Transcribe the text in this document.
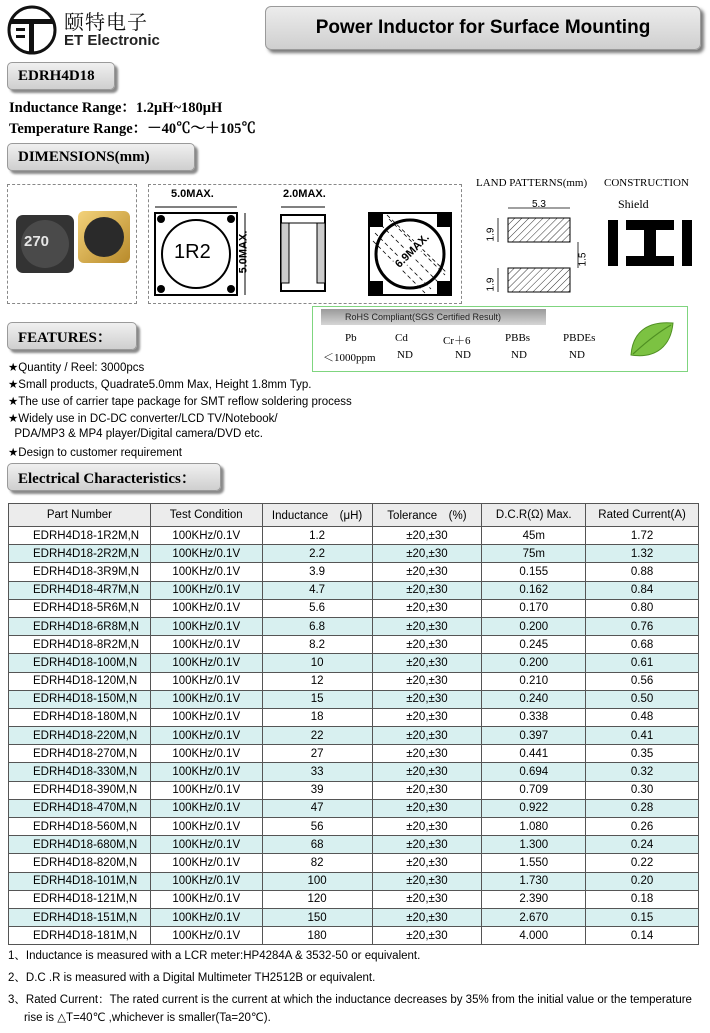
颐特电子
ET Electronic
Power Inductor for Surface Mounting
EDRH4D18
Inductance Range：1.2μH~180μH
Temperature Range：－40℃～＋105℃
DIMENSIONS(mm)
270
5.0MAX.
1R2 5.0MAX.
2.0MAX.
6.9MAX.
LAND PATTERNS(mm)
5.3
1.9
1.9
1.5
CONSTRUCTION
Shield
RoHS Compliant(SGS Certified Result)
Pb	Cd	Cr＋6	PBBs	PBDEs
＜1000ppm ND	ND	ND	ND
FEATURES：
★Quantity / Reel: 3000pcs
★Small products, Quadrate5.0mm Max, Height 1.8mm Typ.
★The use of carrier tape package for SMT reflow soldering process
★Widely use in DC-DC converter/LCD TV/Notebook/
PDA/MP3 & MP4 player/Digital camera/DVD etc.
★Design to customer requirement
Electrical Characteristics：
Part Number	Test Condition	Inductance　(μH)	Tolerance　(%)	D.C.R(Ω) Max.	Rated Current(A)
EDRH4D18-1R2M,N	100KHz/0.1V	1.2	±20,±30	45m	1.72
EDRH4D18-2R2M,N	100KHz/0.1V	2.2	±20,±30	75m	1.32
EDRH4D18-3R9M,N	100KHz/0.1V	3.9	±20,±30	0.155	0.88
EDRH4D18-4R7M,N	100KHz/0.1V	4.7	±20,±30	0.162	0.84
EDRH4D18-5R6M,N	100KHz/0.1V	5.6	±20,±30	0.170	0.80
EDRH4D18-6R8M,N	100KHz/0.1V	6.8	±20,±30	0.200	0.76
EDRH4D18-8R2M,N	100KHz/0.1V	8.2	±20,±30	0.245	0.68
EDRH4D18-100M,N	100KHz/0.1V	10	±20,±30	0.200	0.61
EDRH4D18-120M,N	100KHz/0.1V	12	±20,±30	0.210	0.56
EDRH4D18-150M,N	100KHz/0.1V	15	±20,±30	0.240	0.50
EDRH4D18-180M,N	100KHz/0.1V	18	±20,±30	0.338	0.48
EDRH4D18-220M,N	100KHz/0.1V	22	±20,±30	0.397	0.41
EDRH4D18-270M,N	100KHz/0.1V	27	±20,±30	0.441	0.35
EDRH4D18-330M,N	100KHz/0.1V	33	±20,±30	0.694	0.32
EDRH4D18-390M,N	100KHz/0.1V	39	±20,±30	0.709	0.30
EDRH4D18-470M,N	100KHz/0.1V	47	±20,±30	0.922	0.28
EDRH4D18-560M,N	100KHz/0.1V	56	±20,±30	1.080	0.26
EDRH4D18-680M,N	100KHz/0.1V	68	±20,±30	1.300	0.24
EDRH4D18-820M,N	100KHz/0.1V	82	±20,±30	1.550	0.22
EDRH4D18-101M,N	100KHz/0.1V	100	±20,±30	1.730	0.20
EDRH4D18-121M,N	100KHz/0.1V	120	±20,±30	2.390	0.18
EDRH4D18-151M,N	100KHz/0.1V	150	±20,±30	2.670	0.15
EDRH4D18-181M,N	100KHz/0.1V	180	±20,±30	4.000	0.14
1、Inductance is measured with a LCR meter:HP4284A & 3532-50 or equivalent.
2、D.C .R is measured with a Digital Multimeter TH2512B or equivalent.
3、Rated Current：The rated current is the current at which the inductance decreases by 35% from the initial value or the temperature
rise is △T=40℃ ,whichever is smaller(Ta=20℃).
